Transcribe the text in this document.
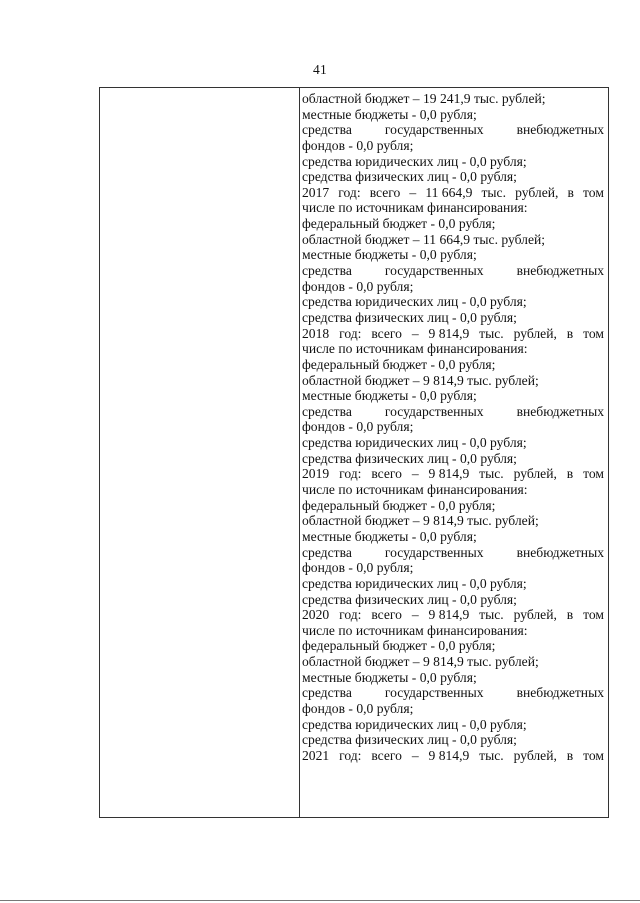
41
областной бюджет – 19 241,9 тыс. рублей;
местные бюджеты - 0,0 рубля;
средства государственных внебюджетных
фондов - 0,0 рубля;
средства юридических лиц - 0,0 рубля;
средства физических лиц - 0,0 рубля;
2017 год: всего – 11 664,9 тыс. рублей, в том
числе по источникам финансирования:
федеральный бюджет - 0,0 рубля;
областной бюджет – 11 664,9 тыс. рублей;
местные бюджеты - 0,0 рубля;
средства государственных внебюджетных
фондов - 0,0 рубля;
средства юридических лиц - 0,0 рубля;
средства физических лиц - 0,0 рубля;
2018 год: всего – 9 814,9 тыс. рублей, в том
числе по источникам финансирования:
федеральный бюджет - 0,0 рубля;
областной бюджет – 9 814,9 тыс. рублей;
местные бюджеты - 0,0 рубля;
средства государственных внебюджетных
фондов - 0,0 рубля;
средства юридических лиц - 0,0 рубля;
средства физических лиц - 0,0 рубля;
2019 год: всего – 9 814,9 тыс. рублей, в том
числе по источникам финансирования:
федеральный бюджет - 0,0 рубля;
областной бюджет – 9 814,9 тыс. рублей;
местные бюджеты - 0,0 рубля;
средства государственных внебюджетных
фондов - 0,0 рубля;
средства юридических лиц - 0,0 рубля;
средства физических лиц - 0,0 рубля;
2020 год: всего – 9 814,9 тыс. рублей, в том
числе по источникам финансирования:
федеральный бюджет - 0,0 рубля;
областной бюджет – 9 814,9 тыс. рублей;
местные бюджеты - 0,0 рубля;
средства государственных внебюджетных
фондов - 0,0 рубля;
средства юридических лиц - 0,0 рубля;
средства физических лиц - 0,0 рубля;
2021 год: всего – 9 814,9 тыс. рублей, в том
